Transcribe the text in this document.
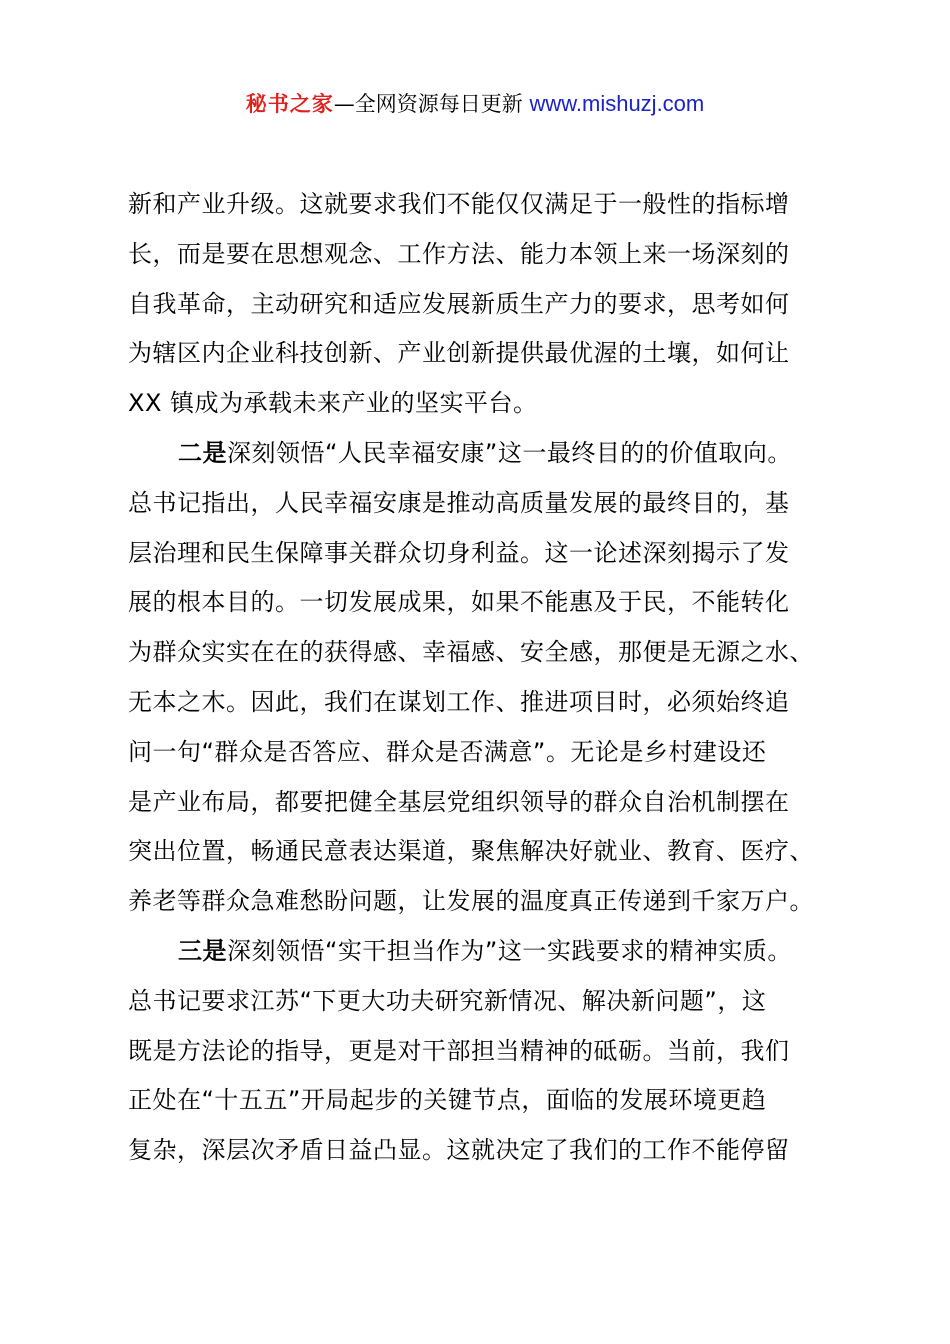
秘书之家—全网资源每日更新 www.mishuzj.com
新和产业升级。这就要求我们不能仅仅满足于一般性的指标增
长，而是要在思想观念、工作方法、能力本领上来一场深刻的
自我革命，主动研究和适应发展新质生产力的要求，思考如何
为辖区内企业科技创新、产业创新提供最优渥的土壤，如何让
XX 镇成为承载未来产业的坚实平台。
二是深刻领悟“人民幸福安康”这一最终目的的价值取向。
总书记指出，人民幸福安康是推动高质量发展的最终目的，基
层治理和民生保障事关群众切身利益。这一论述深刻揭示了发
展的根本目的。一切发展成果，如果不能惠及于民，不能转化
为群众实实在在的获得感、幸福感、安全感，那便是无源之水、
无本之木。因此，我们在谋划工作、推进项目时，必须始终追
问一句“群众是否答应、群众是否满意”。无论是乡村建设还
是产业布局，都要把健全基层党组织领导的群众自治机制摆在
突出位置，畅通民意表达渠道，聚焦解决好就业、教育、医疗、
养老等群众急难愁盼问题，让发展的温度真正传递到千家万户。
三是深刻领悟“实干担当作为”这一实践要求的精神实质。
总书记要求江苏“下更大功夫研究新情况、解决新问题”，这
既是方法论的指导，更是对干部担当精神的砥砺。当前，我们
正处在“十五五”开局起步的关键节点，面临的发展环境更趋
复杂，深层次矛盾日益凸显。这就决定了我们的工作不能停留
